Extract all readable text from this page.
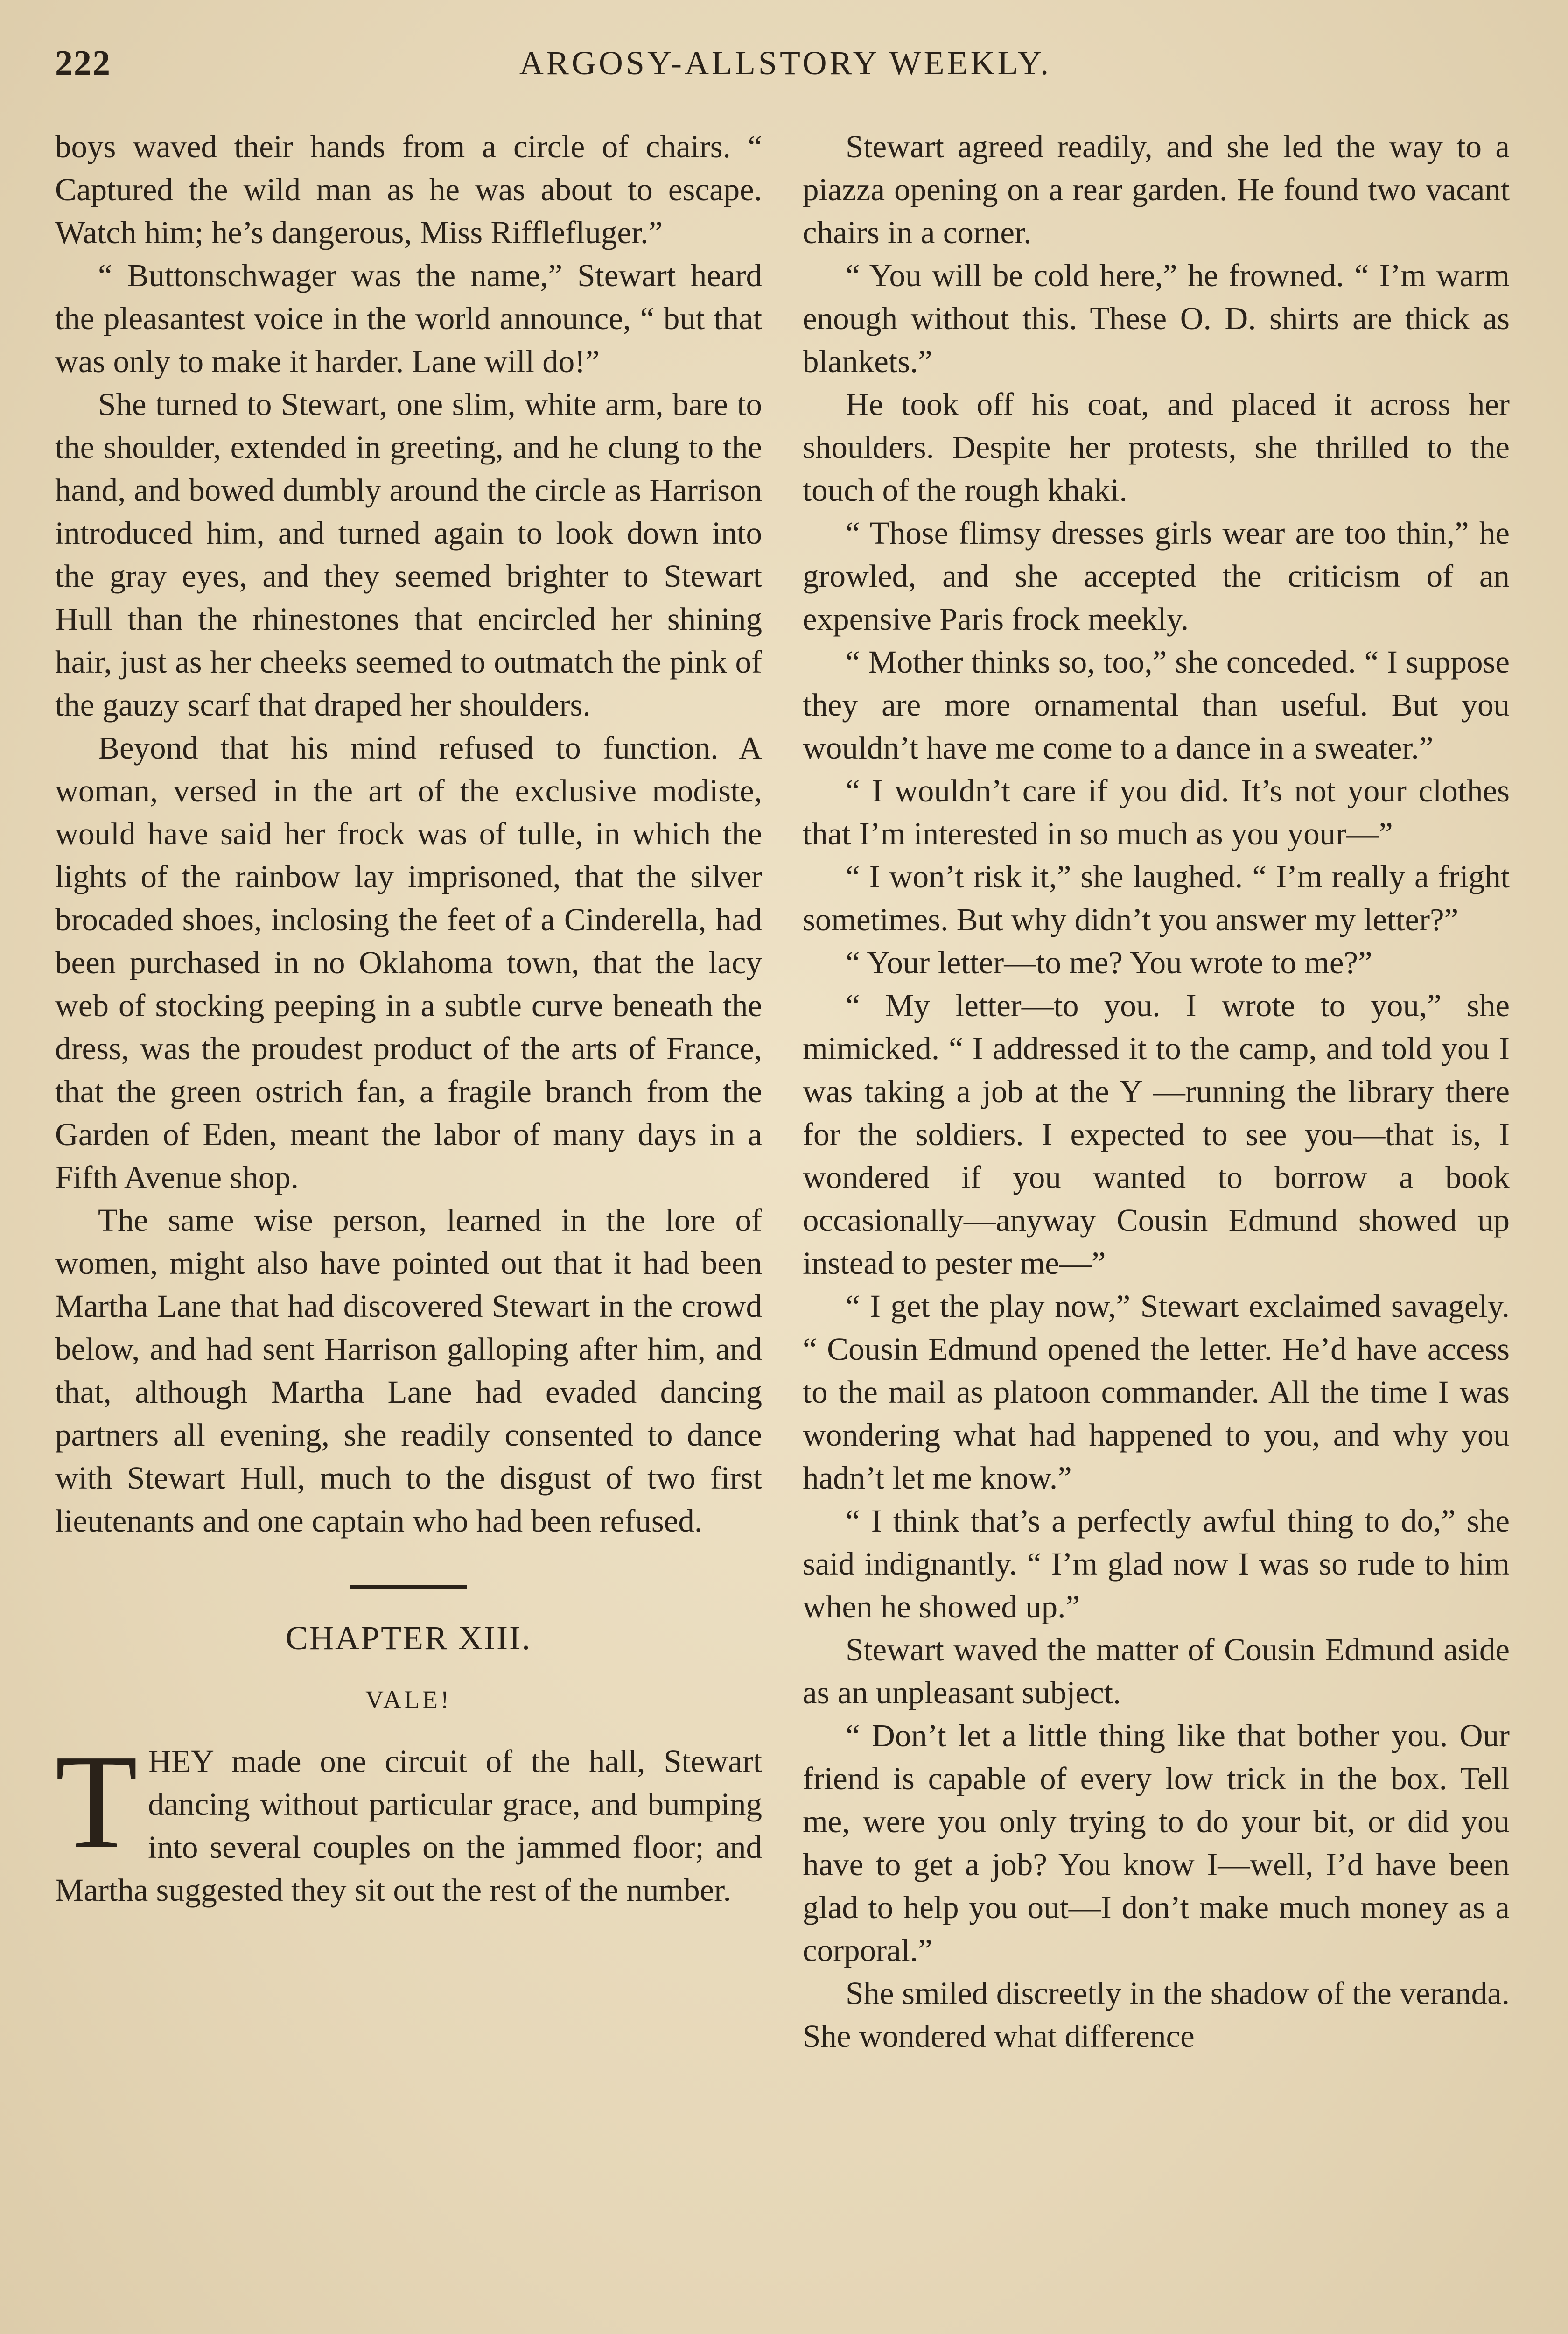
222	ARGOSY-ALLSTORY WEEKLY.

boys waved their hands from a circle of chairs. “ Captured the wild man as he was about to escape. Watch him; he’s dangerous, Miss Rifflefluger.”

“ Buttonschwager was the name,” Stewart heard the pleasantest voice in the world announce, “ but that was only to make it harder. Lane will do!”

She turned to Stewart, one slim, white arm, bare to the shoulder, extended in greeting, and he clung to the hand, and bowed dumbly around the circle as Harrison introduced him, and turned again to look down into the gray eyes, and they seemed brighter to Stewart Hull than the rhinestones that encircled her shining hair, just as her cheeks seemed to outmatch the pink of the gauzy scarf that draped her shoulders.

Beyond that his mind refused to function. A woman, versed in the art of the exclusive modiste, would have said her frock was of tulle, in which the lights of the rainbow lay imprisoned, that the silver brocaded shoes, inclosing the feet of a Cinderella, had been purchased in no Oklahoma town, that the lacy web of stocking peeping in a subtle curve beneath the dress, was the proudest product of the arts of France, that the green ostrich fan, a fragile branch from the Garden of Eden, meant the labor of many days in a Fifth Avenue shop.

The same wise person, learned in the lore of women, might also have pointed out that it had been Martha Lane that had discovered Stewart in the crowd below, and had sent Harrison galloping after him, and that, although Martha Lane had evaded dancing partners all evening, she readily consented to dance with Stewart Hull, much to the disgust of two first lieutenants and one captain who had been refused.

CHAPTER XIII.
VALE!

THEY made one circuit of the hall, Stewart dancing without particular grace, and bumping into several couples on the jammed floor; and Martha suggested they sit out the rest of the number.

Stewart agreed readily, and she led the way to a piazza opening on a rear garden. He found two vacant chairs in a corner.

“ You will be cold here,” he frowned. “ I’m warm enough without this. These O. D. shirts are thick as blankets.”

He took off his coat, and placed it across her shoulders. Despite her protests, she thrilled to the touch of the rough khaki.

“ Those flimsy dresses girls wear are too thin,” he growled, and she accepted the criticism of an expensive Paris frock meekly.

“ Mother thinks so, too,” she conceded. “ I suppose they are more ornamental than useful. But you wouldn’t have me come to a dance in a sweater.”

“ I wouldn’t care if you did. It’s not your clothes that I’m interested in so much as you your—”

“ I won’t risk it,” she laughed. “ I’m really a fright sometimes. But why didn’t you answer my letter?”

“ Your letter—to me? You wrote to me?”

“ My letter—to you. I wrote to you,” she mimicked. “ I addressed it to the camp, and told you I was taking a job at the Y —running the library there for the soldiers. I expected to see you—that is, I wondered if you wanted to borrow a book occasionally—anyway Cousin Edmund showed up instead to pester me—”

“ I get the play now,” Stewart exclaimed savagely. “ Cousin Edmund opened the letter. He’d have access to the mail as platoon commander. All the time I was wondering what had happened to you, and why you hadn’t let me know.”

“ I think that’s a perfectly awful thing to do,” she said indignantly. “ I’m glad now I was so rude to him when he showed up.”

Stewart waved the matter of Cousin Edmund aside as an unpleasant subject.

“ Don’t let a little thing like that bother you. Our friend is capable of every low trick in the box. Tell me, were you only trying to do your bit, or did you have to get a job? You know I—well, I’d have been glad to help you out—I don’t make much money as a corporal.”

She smiled discreetly in the shadow of the veranda. She wondered what difference
